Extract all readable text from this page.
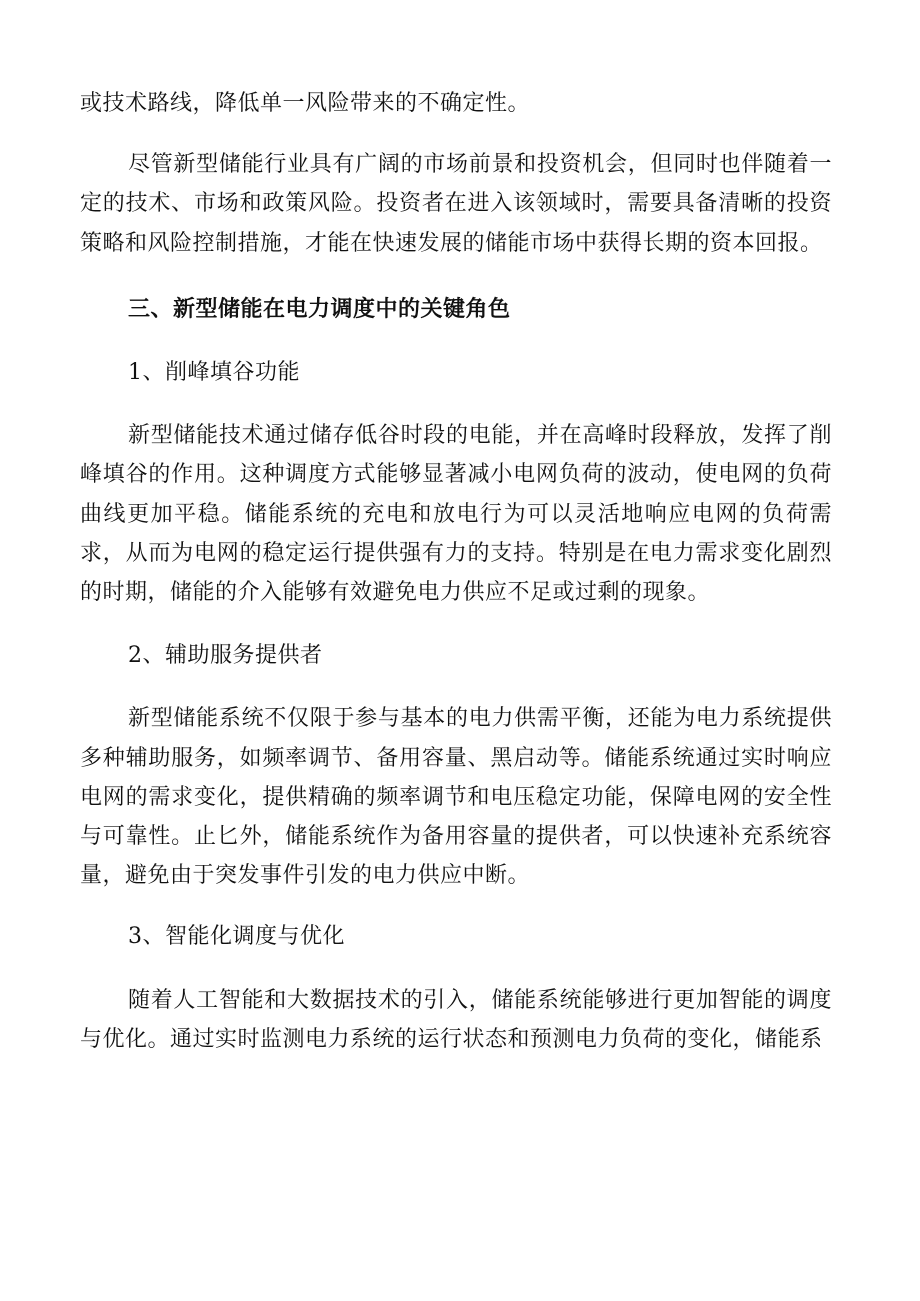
或技术路线，降低单一风险带来的不确定性。

尽管新型储能行业具有广阔的市场前景和投资机会，但同时也伴随着一定的技术、市场和政策风险。投资者在进入该领域时，需要具备清晰的投资策略和风险控制措施，才能在快速发展的储能市场中获得长期的资本回报。

三、新型储能在电力调度中的关键角色

1、削峰填谷功能

新型储能技术通过储存低谷时段的电能，并在高峰时段释放，发挥了削峰填谷的作用。这种调度方式能够显著减小电网负荷的波动，使电网的负荷曲线更加平稳。储能系统的充电和放电行为可以灵活地响应电网的负荷需求，从而为电网的稳定运行提供强有力的支持。特别是在电力需求变化剧烈的时期，储能的介入能够有效避免电力供应不足或过剩的现象。

2、辅助服务提供者

新型储能系统不仅限于参与基本的电力供需平衡，还能为电力系统提供多种辅助服务，如频率调节、备用容量、黑启动等。储能系统通过实时响应电网的需求变化，提供精确的频率调节和电压稳定功能，保障电网的安全性与可靠性。止匕外，储能系统作为备用容量的提供者，可以快速补充系统容量，避免由于突发事件引发的电力供应中断。

3、智能化调度与优化

随着人工智能和大数据技术的引入，储能系统能够进行更加智能的调度与优化。通过实时监测电力系统的运行状态和预测电力负荷的变化，储能系
